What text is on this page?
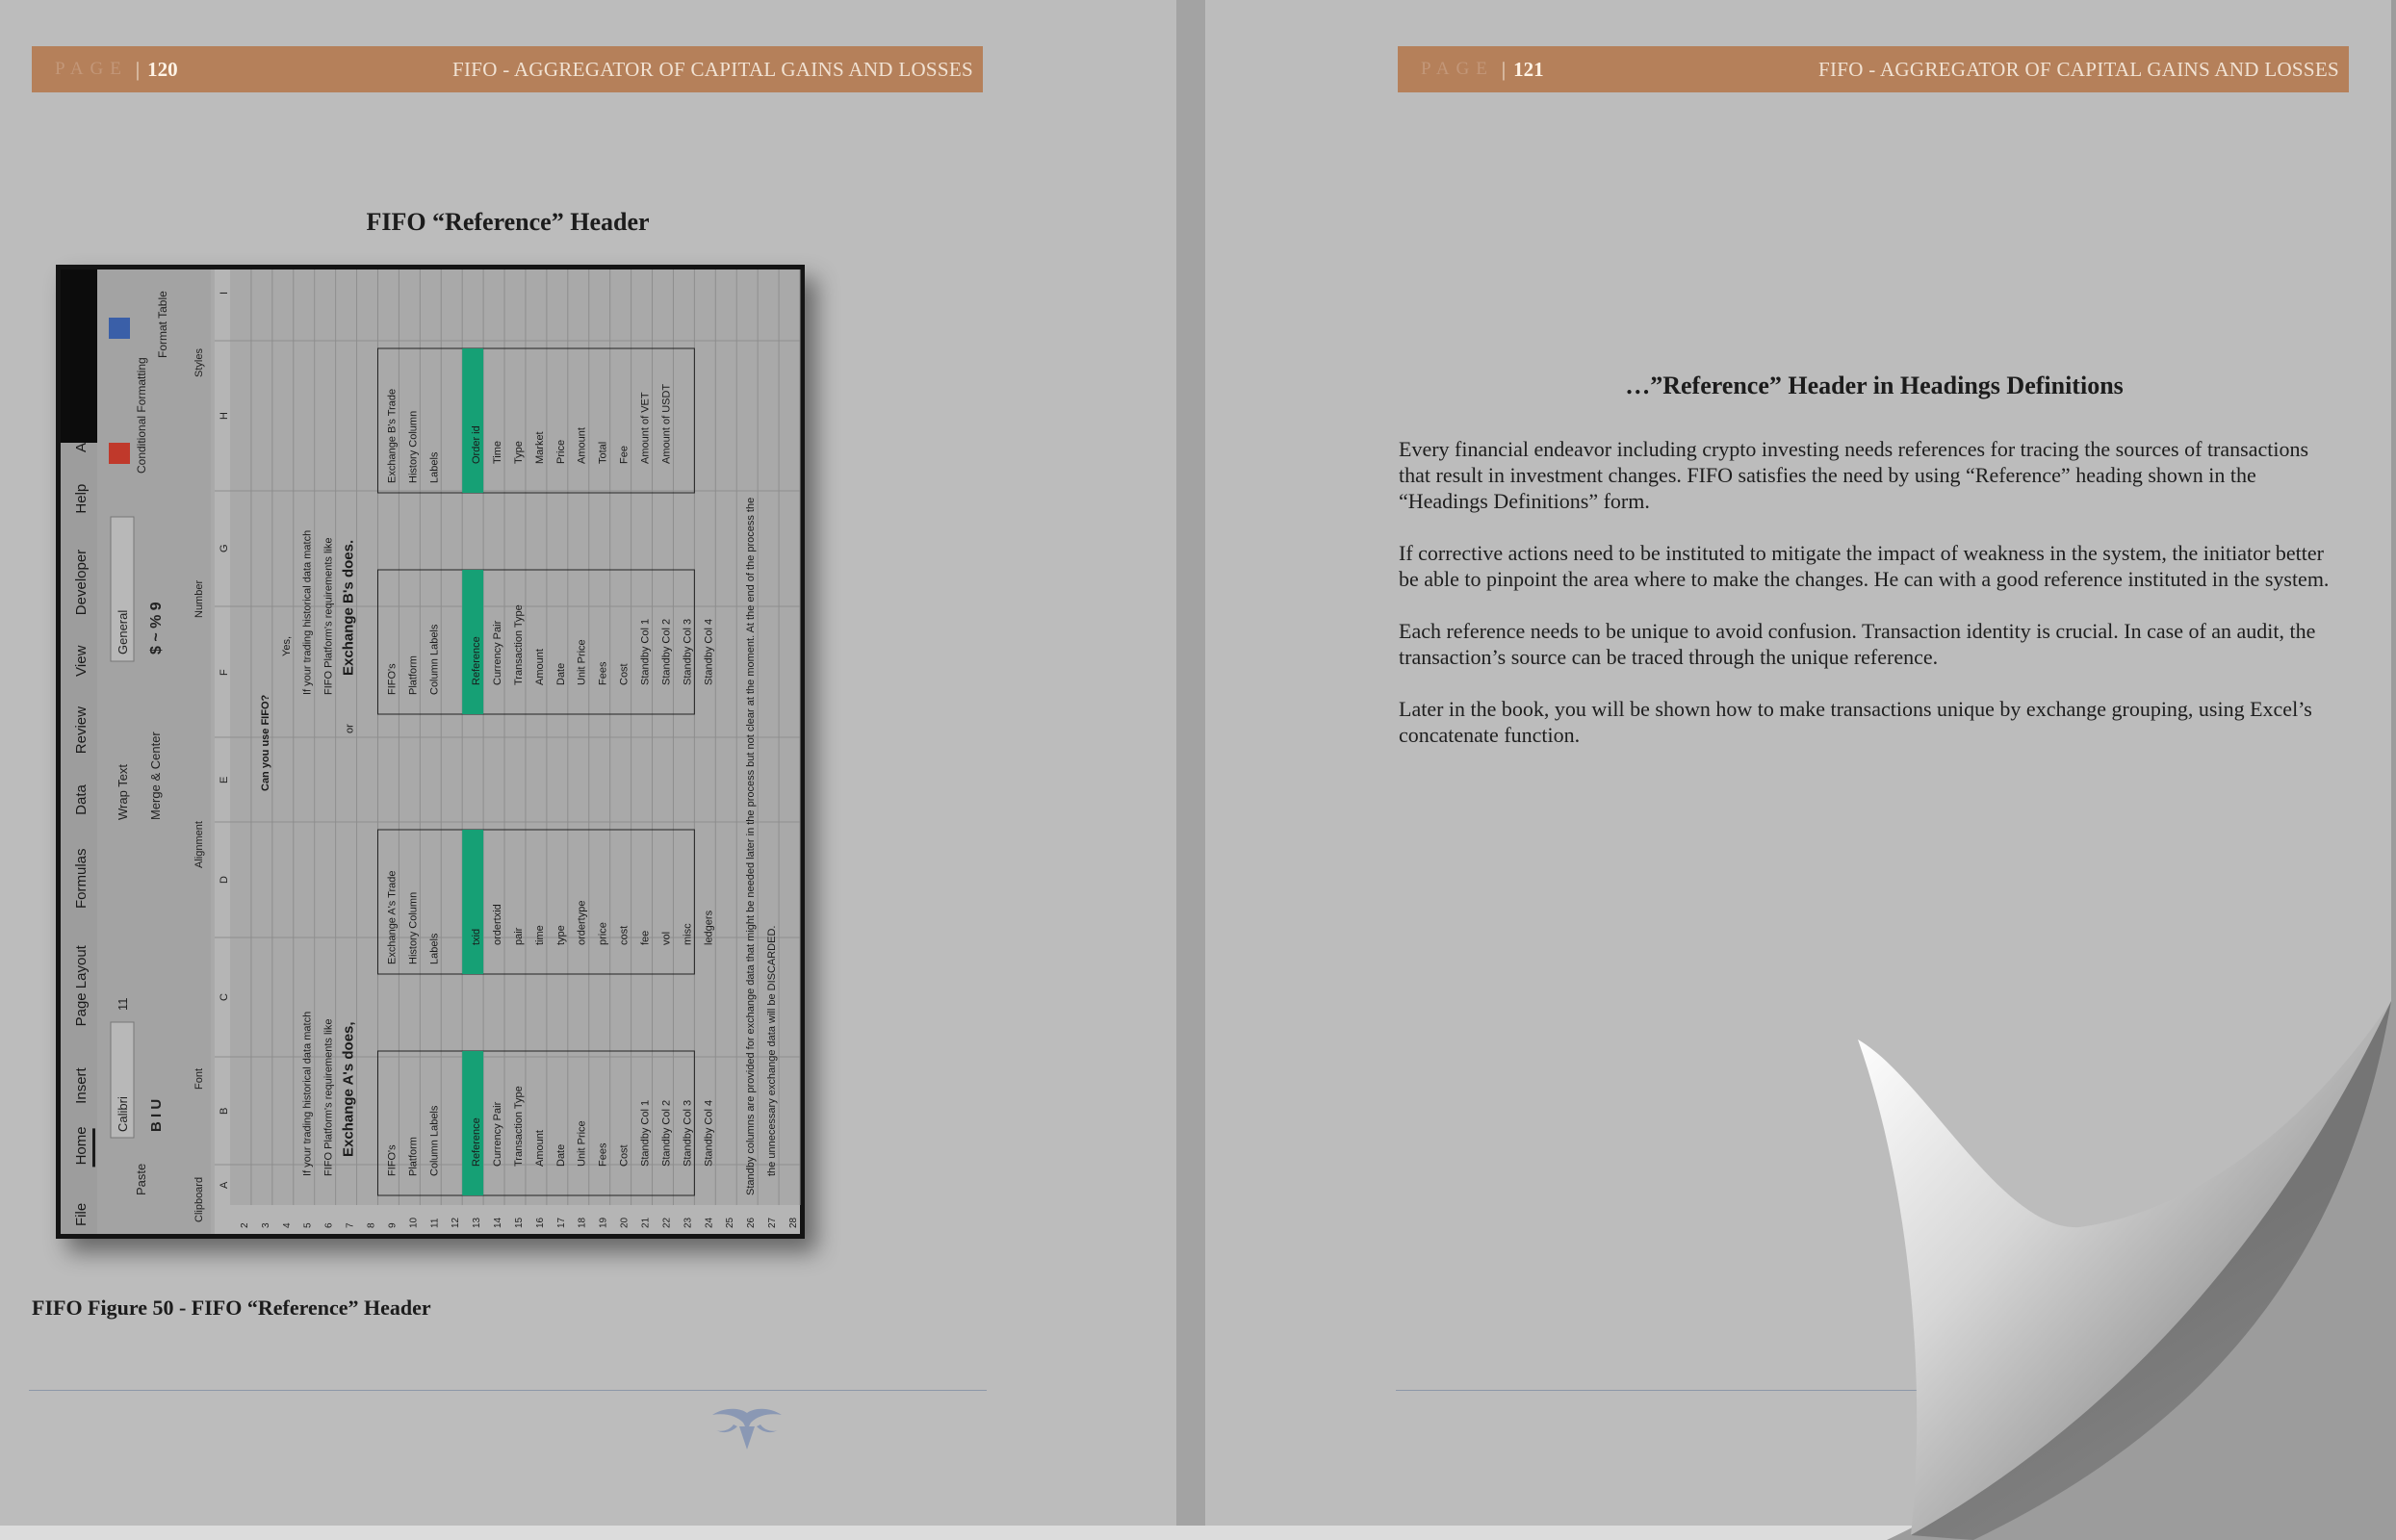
PAGE | 120	FIFO - AGGREGATOR OF CAPITAL GAINS AND LOSSES
FIFO “Reference” Header
File
Home
Insert
Page Layout
Formulas
Data
Review
View
Developer
Help
Paste
Calibri
11
B I U
Wrap Text Merge & Center
General $ ~ % 9
Conditional Formatting
Format Table
Clipboard
Font
Alignment
Number
Styles
A
B
C
D
E
F
G
H
I
2 3 4 5 6 7 8 9 10 11 12 13 14 15 16 17 18 19 20 21 22 23 24 25 26 27 28
Can you use FIFO?
Yes,
or
If your trading historical data match FIFO Platform's requirements like Exchange A's does,
If your trading historical data match FIFO Platform's requirements like Exchange B's does.
FIFO's Platform Column Labels
Exchange A's Trade History Column Labels
Reference Currency Pair Transaction Type Amount Date Unit Price Fees Cost Standby Col 1 Standby Col 2 Standby Col 3 Standby Col 4
txid ordertxid pair time type ordertype price cost fee vol misc ledgers
FIFO's Platform Column Labels
Exchange B's Trade History Column Labels
Reference Currency Pair Transaction Type Amount Date Unit Price Fees Cost Standby Col 1 Standby Col 2 Standby Col 3 Standby Col 4
Order id Time Type Market Price Amount Total Fee Amount of VET Amount of USDT
Standby columns are provided for exchange data that might be needed later in the process but not clear at the moment. At the end of the process the the unnecessary exchange data will be DISCARDED.
FIFO Figure 50 - FIFO “Reference” Header
PAGE | 121	FIFO - AGGREGATOR OF CAPITAL GAINS AND LOSSES
…”Reference” Header in Headings Definitions

Every financial endeavor including crypto investing needs references for tracing the sources of transactions that result in investment changes. FIFO satisfies the need by using “Reference” heading shown in the “Headings Definitions” form.

If corrective actions need to be instituted to mitigate the impact of weakness in the system, the initiator better be able to pinpoint the area where to make the changes. He can with a good reference instituted in the system.

Each reference needs to be unique to avoid confusion. Transaction identity is crucial. In case of an audit, the transaction’s source can be traced through the unique reference.

Later in the book, you will be shown how to make transactions unique by exchange grouping, using Excel’s concatenate function.
